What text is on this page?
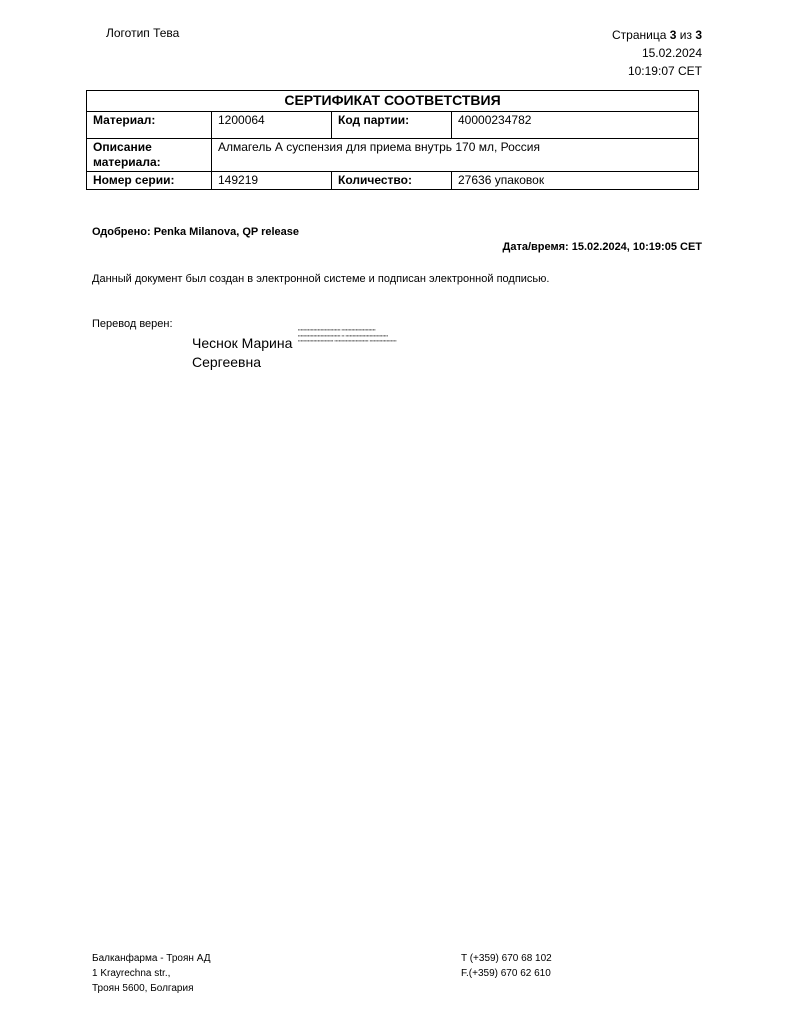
Логотип Тева	Страница 3 из 3
15.02.2024
10:19:07 CET
СЕРТИФИКАТ СООТВЕТСТВИЯ			
Материал:	1200064	Код партии:	40000234782
Описание материала:	Алмагель А суспензия для приема внутрь 170 мл, Россия		
Номер серии:	149219	Количество:	27636 упаковок
Одобрено: Penka Milanova, QP release
Дата/время: 15.02.2024, 10:19:05 CET
Данный документ был создан в электронной системе и подписан электронной подписью.
Перевод верен:
Чеснок Марина Сергеевна
▪▪▪▪▪▪▪▪▪▪▪▪▪▪▪▪▪▪▪▪▪▪▪▪▪▪▪▪▪▪ ▪▪▪▪▪▪▪▪▪▪▪▪▪▪▪▪▪▪▪▪▪▪▪▪ ▪▪▪▪▪▪▪▪▪▪▪▪▪▪▪▪▪▪▪▪▪▪▪▪▪▪▪▪▪▪ ▪▪ ▪▪▪▪▪▪▪▪▪▪▪▪▪▪▪▪▪▪▪▪▪▪▪▪▪▪▪▪▪▪ ▪▪▪▪▪▪▪▪▪▪▪▪▪▪▪▪▪▪▪▪▪▪▪▪▪ ▪▪▪▪▪▪▪▪▪▪▪▪▪▪▪▪▪▪▪▪▪▪▪▪ ▪▪▪▪▪▪▪▪▪▪▪▪▪▪▪▪▪▪▪
Балканфарма - Троян АД
1 Krayrechna str.,
Троян 5600, Болгария
T (+359) 670 68 102
F.(+359) 670 62 610
